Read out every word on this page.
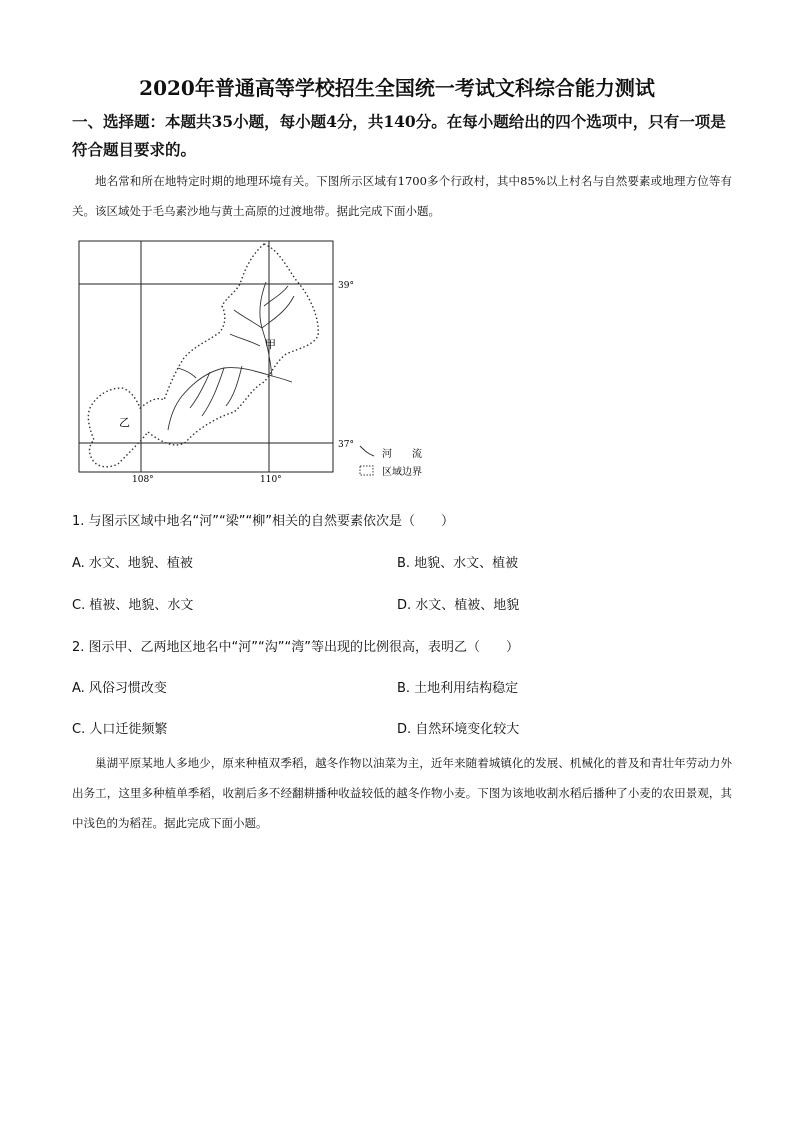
2020年普通高等学校招生全国统一考试文科综合能力测试
一、选择题：本题共35小题，每小题4分，共140分。在每小题给出的四个选项中，只有一项是符合题目要求的。
地名常和所在地特定时期的地理环境有关。下图所示区域有1700多个行政村，其中85%以上村名与自然要素或地理方位等有关。该区域处于毛乌素沙地与黄土高原的过渡地带。据此完成下面小题。
甲
乙
39°
37°
108°	110°
河　　流
区域边界
1. 与图示区域中地名“河”“梁”“柳”相关的自然要素依次是（　　）
A. 水文、地貌、植被	B. 地貌、水文、植被
C. 植被、地貌、水文	D. 水文、植被、地貌
2. 图示甲、乙两地区地名中“河”“沟”“湾”等出现的比例很高，表明乙（　　）
A. 风俗习惯改变	B. 土地利用结构稳定
C. 人口迁徙频繁	D. 自然环境变化较大
巢湖平原某地人多地少，原来种植双季稻，越冬作物以油菜为主，近年来随着城镇化的发展、机械化的普及和青壮年劳动力外出务工，这里多种植单季稻，收割后多不经翻耕播种收益较低的越冬作物小麦。下图为该地收割水稻后播种了小麦的农田景观，其中浅色的为稻茬。据此完成下面小题。
